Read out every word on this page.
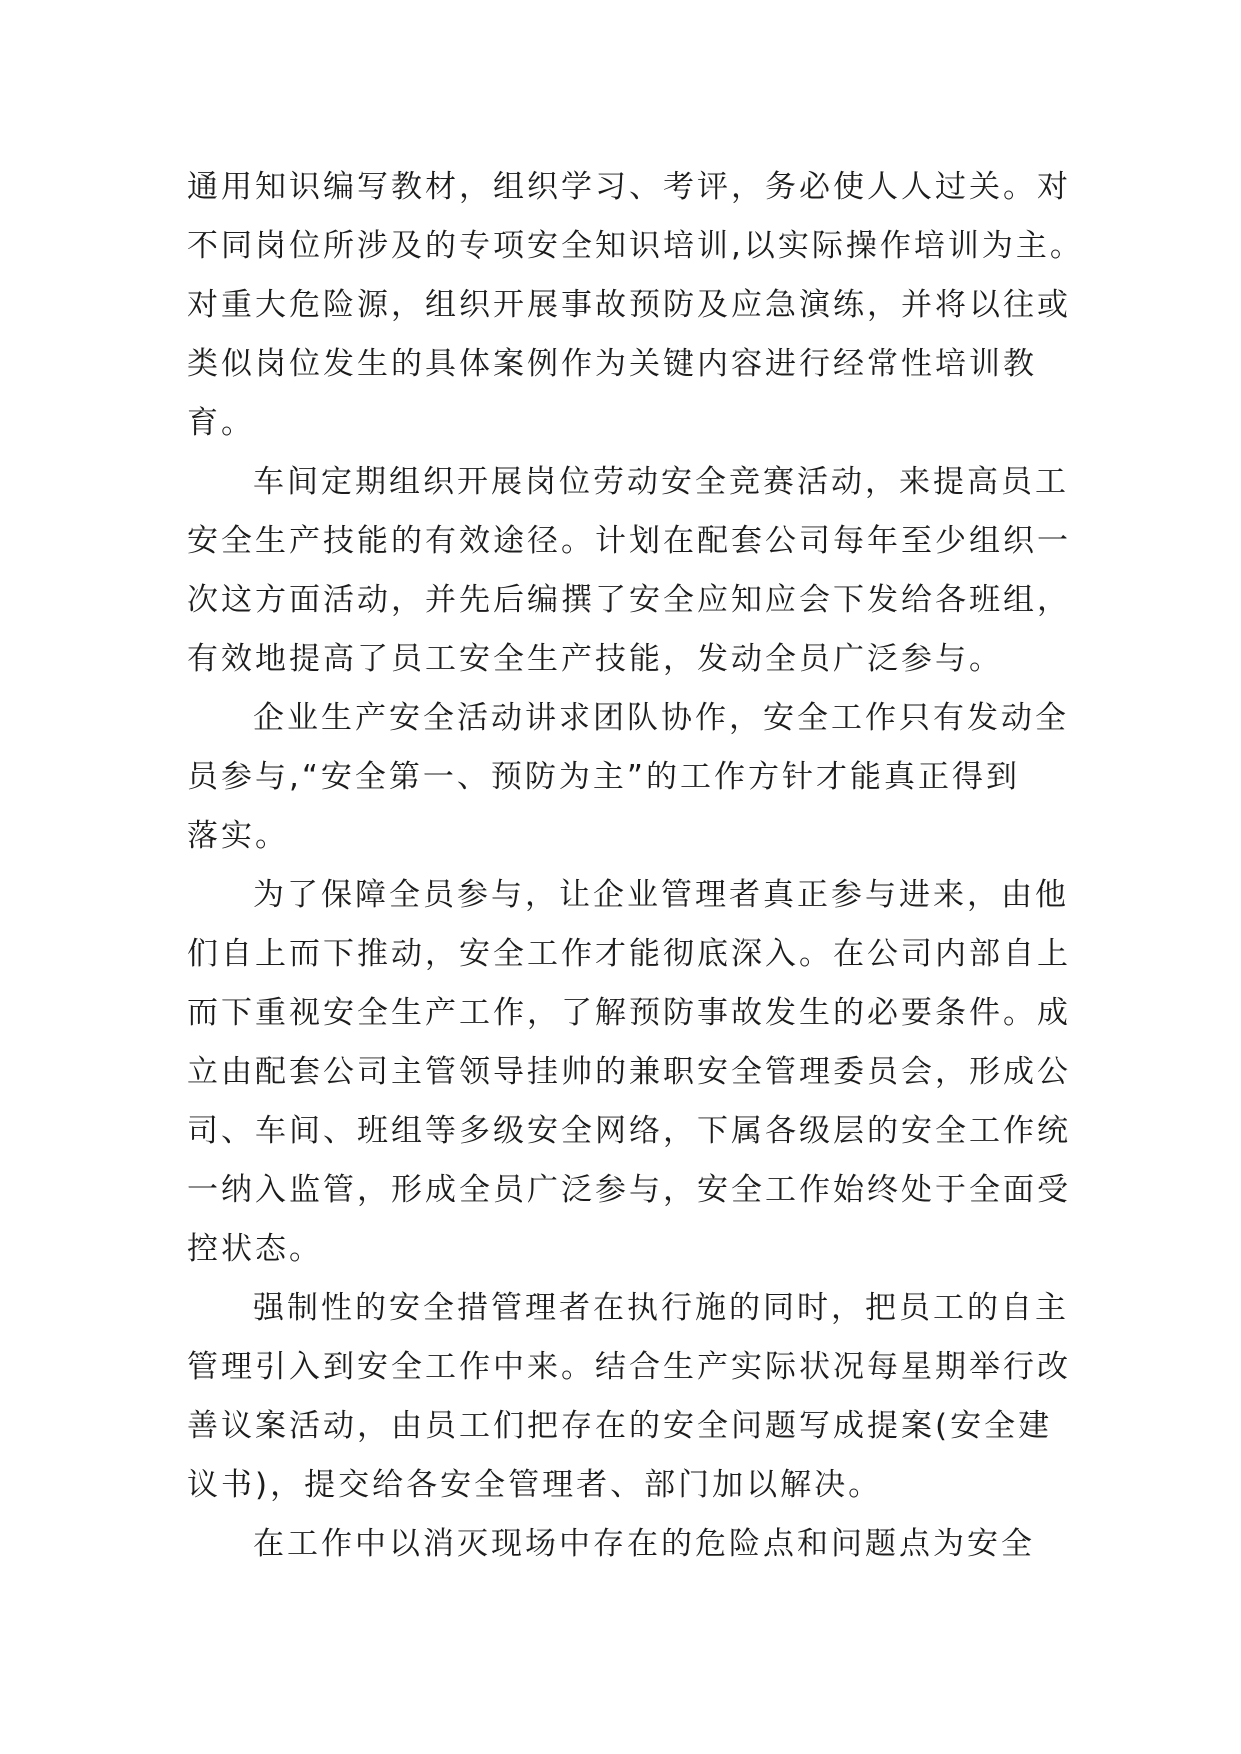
通用知识编写教材，组织学习、考评，务必使人人过关。对
不同岗位所涉及的专项安全知识培训,以实际操作培训为主。
对重大危险源，组织开展事故预防及应急演练，并将以往或
类似岗位发生的具体案例作为关键内容进行经常性培训教
育。
车间定期组织开展岗位劳动安全竞赛活动，来提高员工
安全生产技能的有效途径。计划在配套公司每年至少组织一
次这方面活动，并先后编撰了安全应知应会下发给各班组，
有效地提高了员工安全生产技能，发动全员广泛参与。
企业生产安全活动讲求团队协作，安全工作只有发动全
员参与,“安全第一、预防为主”的工作方针才能真正得到
落实。
为了保障全员参与，让企业管理者真正参与进来，由他
们自上而下推动，安全工作才能彻底深入。在公司内部自上
而下重视安全生产工作，了解预防事故发生的必要条件。成
立由配套公司主管领导挂帅的兼职安全管理委员会，形成公
司、车间、班组等多级安全网络，下属各级层的安全工作统
一纳入监管，形成全员广泛参与，安全工作始终处于全面受
控状态。
强制性的安全措管理者在执行施的同时，把员工的自主
管理引入到安全工作中来。结合生产实际状况每星期举行改
善议案活动，由员工们把存在的安全问题写成提案(安全建
议书)，提交给各安全管理者、部门加以解决。
在工作中以消灭现场中存在的危险点和问题点为安全
